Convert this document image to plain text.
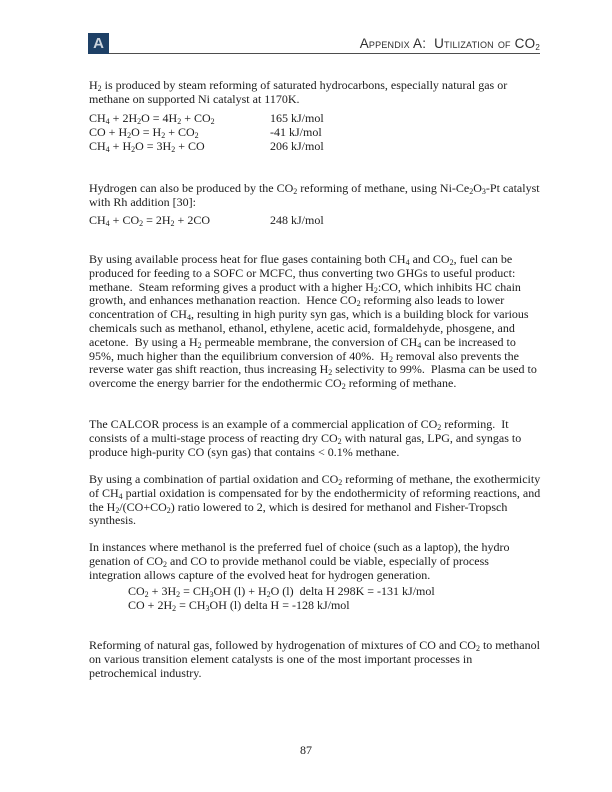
A	Appendix A:  Utilization of $CO_2$

$H_2$ is produced by steam reforming of saturated hydrocarbons, especially natural gas or methane on supported Ni catalyst at 1170K.

$CH_4 + 2H_2O = 4H_2 + CO_2$	165 kJ/mol
CO + $H_2O = H_2 + CO_2$	-41 kJ/mol
$CH_4 + H_2O = 3H_2$ + CO	206 kJ/mol

Hydrogen can also be produced by the $CO_2$ reforming of methane, using $Ni-Ce_2O_3-Pt$ catalyst with Rh addition [30]:

$CH_4 + CO_2 = 2H_2 + 2CO$	248 kJ/mol

By using available process heat for flue gases containing both $CH_4$ and $CO_2$, fuel can be produced for feeding to a SOFC or MCFC, thus converting two GHGs to useful product: methane.  Steam reforming gives a product with a higher $H_2:CO$, which inhibits HC chain growth, and enhances methanation reaction.  Hence $CO_2$ reforming also leads to lower concentration of $CH_4$, resulting in high purity syn gas, which is a building block for various chemicals such as methanol, ethanol, ethylene, acetic acid, formaldehyde, phosgene, and acetone.  By using a $H_2$ permeable membrane, the conversion of $CH_4$ can be increased to 95%, much higher than the equilibrium conversion of 40%.  $H_2$ removal also prevents the reverse water gas shift reaction, thus increasing $H_2$ selectivity to 99%.  Plasma can be used to overcome the energy barrier for the endothermic $CO_2$ reforming of methane.

The CALCOR process is an example of a commercial application of $CO_2$ reforming.  It consists of a multi-stage process of reacting dry $CO_2$ with natural gas, LPG, and syngas to produce high-purity CO (syn gas) that contains < 0.1% methane.

By using a combination of partial oxidation and $CO_2$ reforming of methane, the exothermicity of $CH_4$ partial oxidation is compensated for by the endothermicity of reforming reactions, and the $H_2/(CO+CO_2)$ ratio lowered to 2, which is desired for methanol and Fisher-Tropsch synthesis.

In instances where methanol is the preferred fuel of choice (such as a laptop), the hydro genation of $CO_2$ and CO to provide methanol could be viable, especially of process integration allows capture of the evolved heat for hydrogen generation.

$CO_2 + 3H_2 = CH_3OH$ $(l) + H_2O$ (l)  delta H 298K = -131 kJ/mol
CO + $2H_2 = CH_3OH$ (l) delta H = -128 kJ/mol

Reforming of natural gas, followed by hydrogenation of mixtures of CO and $CO_2$ to methanol on various transition element catalysts is one of the most important processes in petrochemical industry.

87
